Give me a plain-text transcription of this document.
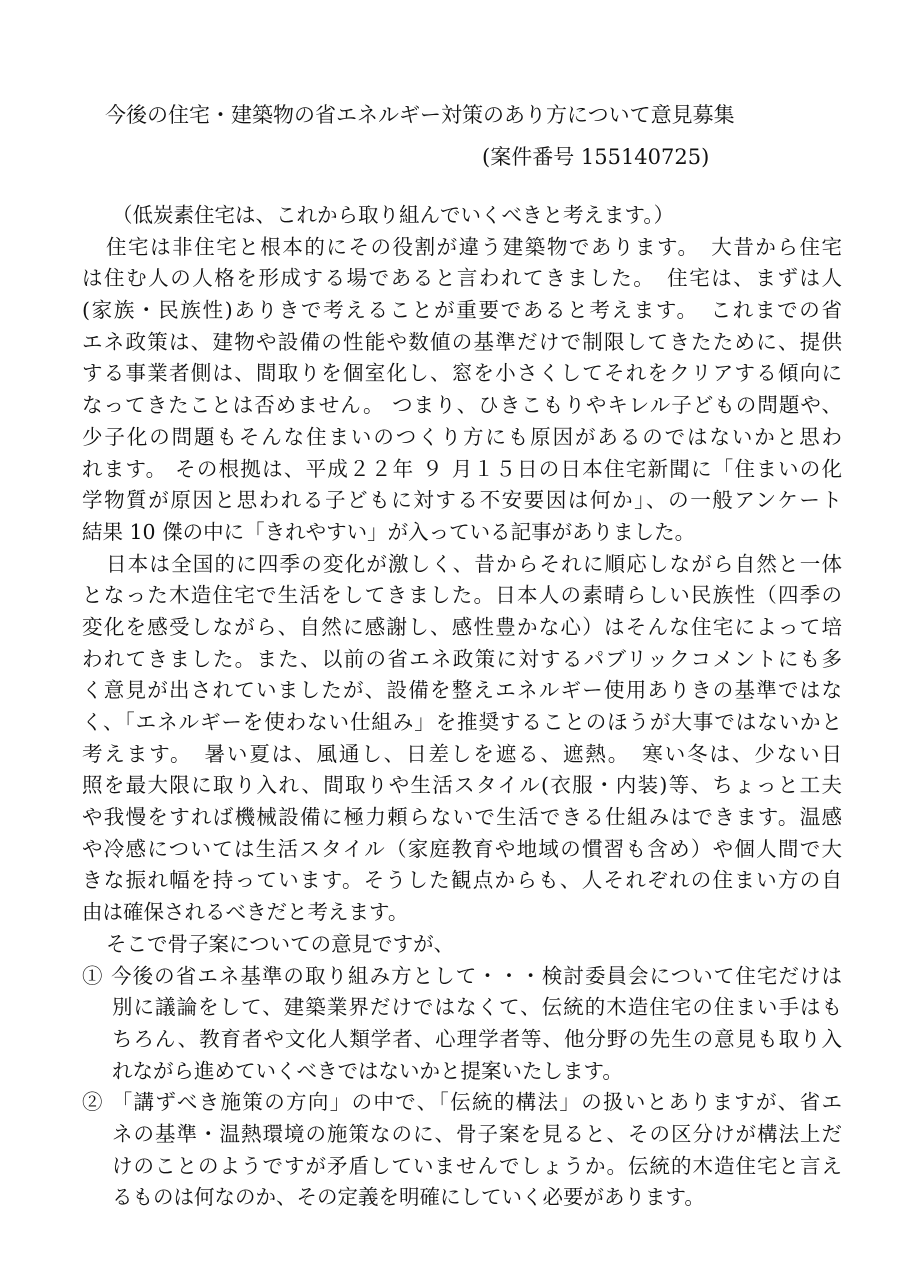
今後の住宅・建築物の省エネルギー対策のあり方について意見募集
(案件番号 155140725)
（低炭素住宅は、これから取り組んでいくべきと考えます。）
住宅は非住宅と根本的にその役割が違う建築物であります。　大昔から住宅
は住む人の人格を形成する場であると言われてきました。　住宅は、まずは人
(家族・民族性)ありきで考えることが重要であると考えます。　これまでの省
エネ政策は、建物や設備の性能や数値の基準だけで制限してきたために、提供
する事業者側は、間取りを個室化し、窓を小さくしてそれをクリアする傾向に
なってきたことは否めません。 つまり、ひきこもりやキレル子どもの問題や、
少子化の問題もそんな住まいのつくり方にも原因があるのではないかと思わ
れます。 その根拠は、平成２２年 ９ 月１５日の日本住宅新聞に「住まいの化
学物質が原因と思われる子どもに対する不安要因は何か」、の一般アンケート
結果 10 傑の中に「きれやすい」が入っている記事がありました。
日本は全国的に四季の変化が激しく、昔からそれに順応しながら自然と一体
となった木造住宅で生活をしてきました。日本人の素晴らしい民族性（四季の
変化を感受しながら、自然に感謝し、感性豊かな心）はそんな住宅によって培
われてきました。また、以前の省エネ政策に対するパブリックコメントにも多
く意見が出されていましたが、設備を整えエネルギー使用ありきの基準ではな
く、「エネルギーを使わない仕組み」を推奨することのほうが大事ではないかと
考えます。　暑い夏は、風通し、日差しを遮る、遮熱。　寒い冬は、少ない日
照を最大限に取り入れ、間取りや生活スタイル(衣服・内装)等、ちょっと工夫
や我慢をすれば機械設備に極力頼らないで生活できる仕組みはできます。温感
や冷感については生活スタイル（家庭教育や地域の慣習も含め）や個人間で大
きな振れ幅を持っています。そうした観点からも、人それぞれの住まい方の自
由は確保されるべきだと考えます。
そこで骨子案についての意見ですが、
① 今後の省エネ基準の取り組み方として・・・検討委員会について住宅だけは
別に議論をして、建築業界だけではなくて、伝統的木造住宅の住まい手はも
ちろん、教育者や文化人類学者、心理学者等、他分野の先生の意見も取り入
れながら進めていくべきではないかと提案いたします。
② 「講ずべき施策の方向」の中で、「伝統的構法」の扱いとありますが、省エ
ネの基準・温熱環境の施策なのに、骨子案を見ると、その区分けが構法上だ
けのことのようですが矛盾していませんでしょうか。伝統的木造住宅と言え
るものは何なのか、その定義を明確にしていく必要があります。
